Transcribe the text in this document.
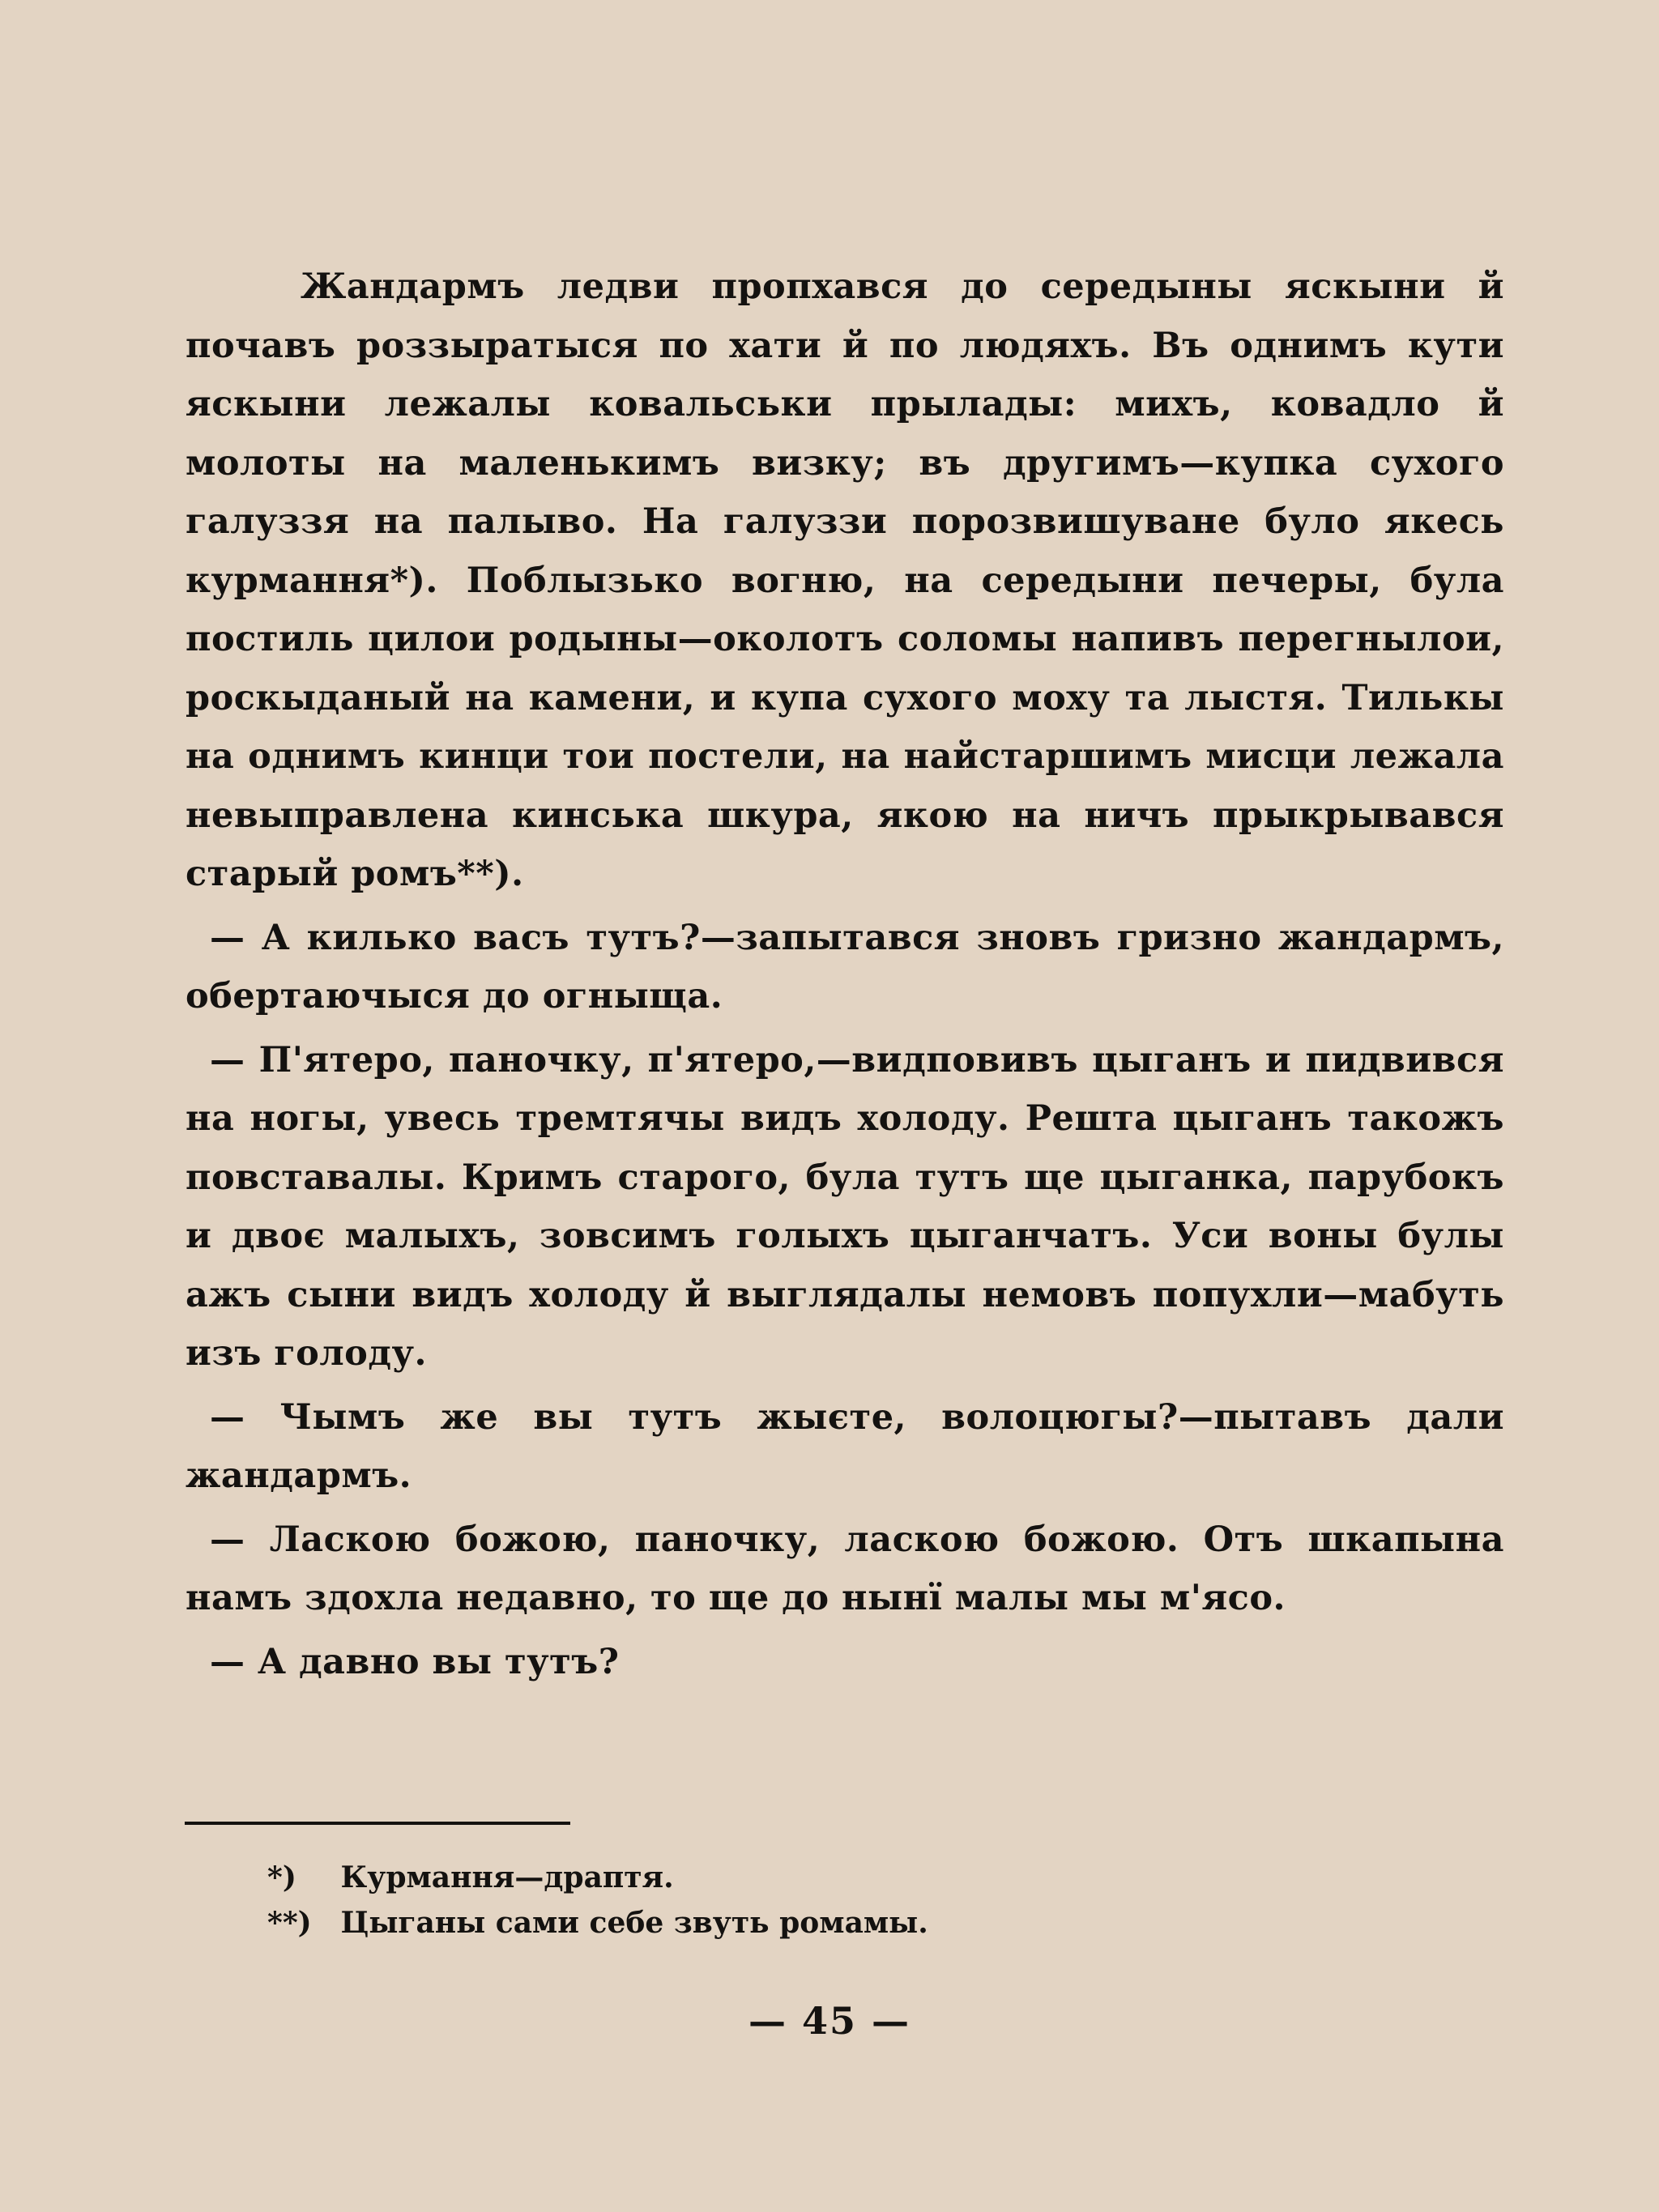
Жандармъ ледви пропхався до середыны яскыни й почавъ роззыратыся по хати й по людяхъ. Въ однимъ кути яскыни лежалы ковальськи прылады: михъ, ковадло й молоты на маленькимъ визку; въ другимъ—купка сухого галуззя на палыво. На галуззи порозвишуване було якесь курмання*). Поблызько вогню, на середыни печеры, була постиль цилои родыны—околотъ соломы напивъ перегнылои, роскыданый на камени, и купа сухого моху та лыстя. Тилькы на однимъ кинци тои постели, на найстаршимъ мисци лежала невыправлена кинська шкура, якою на ничъ прыкрывався старый ромъ**).

— А килько васъ тутъ?—запытався зновъ гризно жандармъ, обертаючыся до огныща.

— П'ятеро, паночку, п'ятеро,—видповивъ цыганъ и пидвився на ногы, увесь тремтячы видъ холоду. Решта цыганъ такожъ повставалы. Кримъ старого, була тутъ ще цыганка, парубокъ и двоє малыхъ, зовсимъ голыхъ цыганчатъ. Уси воны булы ажъ сыни видъ холоду й выглядалы немовъ попухли—мабуть изъ голоду.

— Чымъ же вы тутъ жыєте, волоцюгы?—пытавъ дали жандармъ.

— Ласкою божою, паночку, ласкою божою. Отъ шкапына намъ здохла недавно, то ще до нынї малы мы м'ясо.

— А давно вы тутъ?

*) Курмання—драптя.

**) Цыганы сами себе звуть ромамы.

— 45 —
